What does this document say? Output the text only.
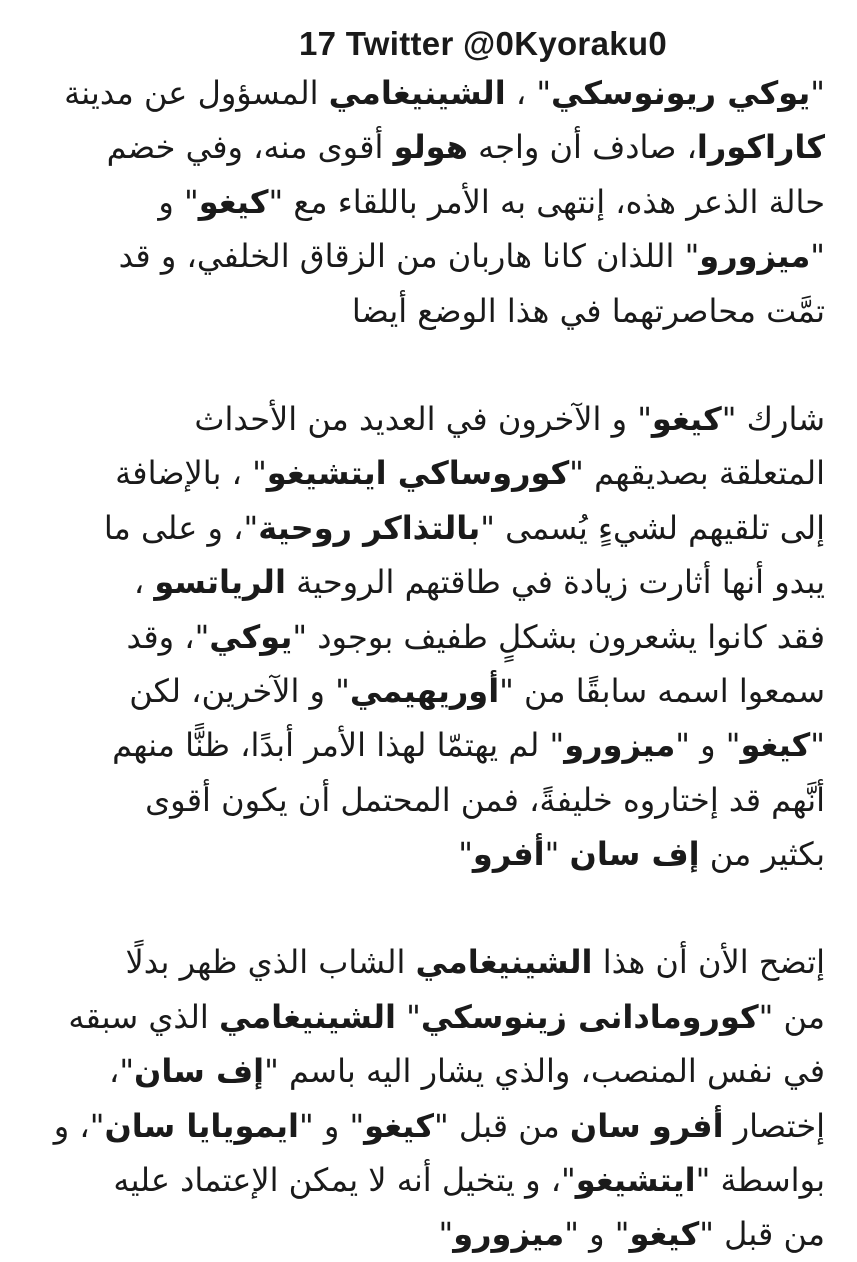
17 Twitter @0Kyoraku0
"يوكي ريونوسكي" ، الشينيغامي المسؤول عن مدينة
كاراكورا، صادف أن واجه هولو أقوى منه، وفي خضم
حالة الذعر هذه، إنتهى به الأمر باللقاء مع "كيغو" و
"ميزورو" اللذان كانا هاربان من الزقاق الخلفي، و قد
تمَّت محاصرتهما في هذا الوضع أيضا
شارك "كيغو" و الآخرون في العديد من الأحداث
المتعلقة بصديقهم "كوروساكي ايتشيغو" ، بالإضافة
إلى تلقيهم لشيءٍ يُسمى "بالتذاكر روحية"، و على ما
يبدو أنها أثارت زيادة في طاقتهم الروحية الرياتسو ،
فقد كانوا يشعرون بشكلٍ طفيف بوجود "يوكي"، وقد
سمعوا اسمه سابقًا من "أوريهيمي" و الآخرين، لكن
"كيغو" و "ميزورو" لم يهتمّا لهذا الأمر أبدًا، ظنًّا منهم
أنَّهم قد إختاروه خليفةً، فمن المحتمل أن يكون أقوى
بكثير من إف سان "أفرو"
إتضح الأن أن هذا الشينيغامي الشاب الذي ظهر بدلًا
من "كورومادانى زينوسكي" الشينيغامي الذي سبقه
في نفس المنصب، والذي يشار اليه باسم "إف سان"،
إختصار أفرو سان من قبل "كيغو" و "ايمويايا سان"، و
بواسطة "ايتشيغو"، و يتخيل أنه لا يمكن الإعتماد عليه
من قبل "كيغو" و "ميزورو"
